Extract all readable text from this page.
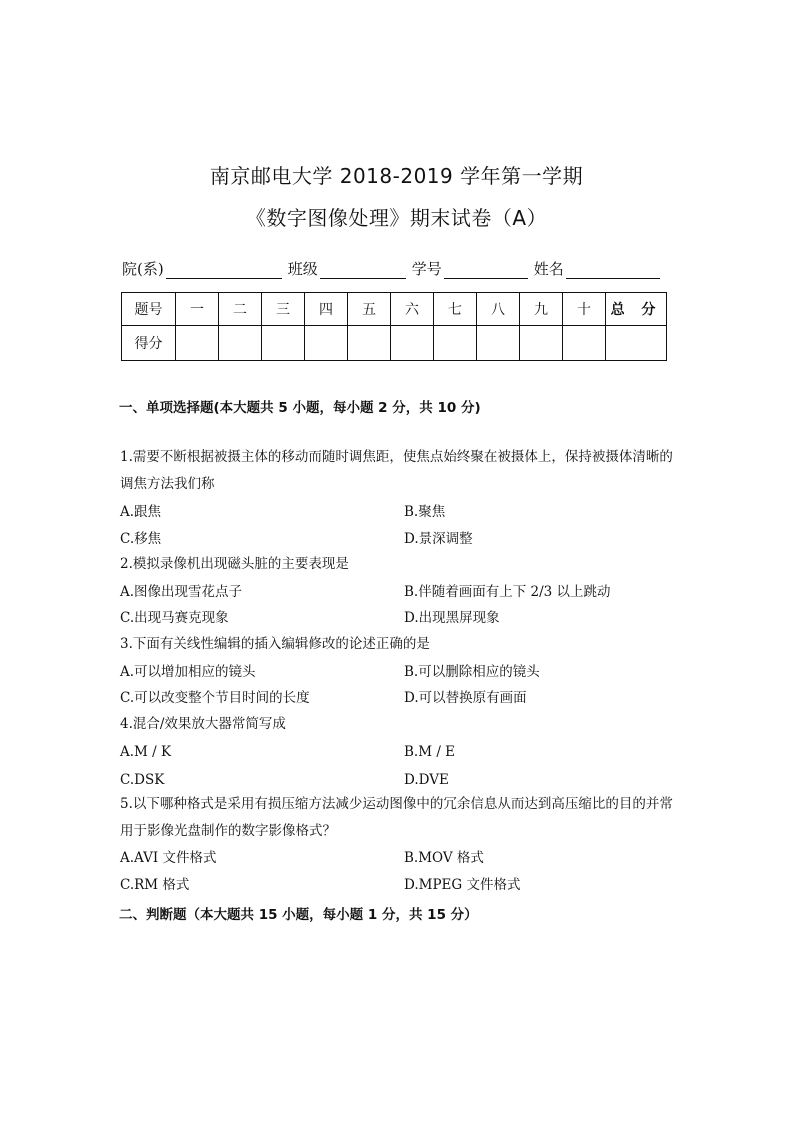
南京邮电大学 2018-2019 学年第一学期
《数字图像处理》期末试卷（A）
院(系)	班级	学号	姓名
题号	一	二	三	四	五	六	七	八	九	十	总 分
得分											
一、单项选择题(本大题共 5 小题，每小题 2 分，共 10 分)
1.需要不断根据被摄主体的移动而随时调焦距，使焦点始终聚在被摄体上，保持被摄体清晰的调焦方法我们称
A.跟焦	B.聚焦
C.移焦	D.景深调整
2.模拟录像机出现磁头脏的主要表现是
A.图像出现雪花点子	B.伴随着画面有上下 2/3 以上跳动
C.出现马赛克现象	D.出现黑屏现象
3.下面有关线性编辑的插入编辑修改的论述正确的是
A.可以增加相应的镜头	B.可以删除相应的镜头
C.可以改变整个节目时间的长度	D.可以替换原有画面
4.混合/效果放大器常简写成
A.M / K	B.M / E
C.DSK	D.DVE
5.以下哪种格式是采用有损压缩方法减少运动图像中的冗余信息从而达到高压缩比的目的并常用于影像光盘制作的数字影像格式？
A.AVI 文件格式	B.MOV 格式
C.RM 格式	D.MPEG 文件格式
二、判断题（本大题共 15 小题，每小题 1 分，共 15 分）
